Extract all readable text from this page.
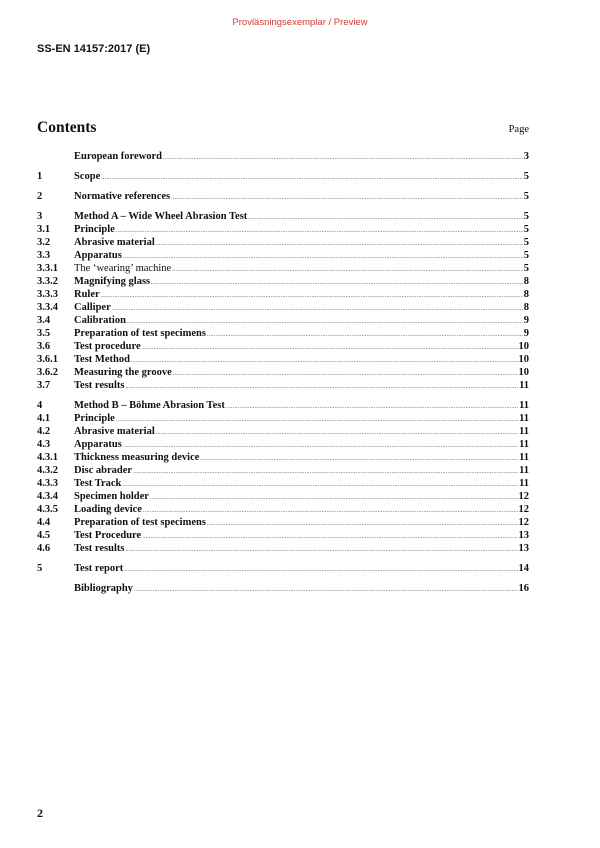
Provläsningsexemplar / Preview
SS-EN 14157:2017 (E)
Contents	Page
European foreword .....	3
1	Scope .....	5
2	Normative references .....	5
3	Method A – Wide Wheel Abrasion Test .....	5
3.1	Principle .....	5
3.2	Abrasive material .....	5
3.3	Apparatus .....	5
3.3.1	The ‘wearing’ machine .....	5
3.3.2	Magnifying glass .....	8
3.3.3	Ruler .....	8
3.3.4	Calliper .....	8
3.4	Calibration .....	9
3.5	Preparation of test specimens .....	9
3.6	Test procedure .....	10
3.6.1	Test Method .....	10
3.6.2	Measuring the groove .....	10
3.7	Test results .....	11
4	Method B – Böhme Abrasion Test .....	11
4.1	Principle .....	11
4.2	Abrasive material .....	11
4.3	Apparatus .....	11
4.3.1	Thickness measuring device .....	11
4.3.2	Disc abrader .....	11
4.3.3	Test Track .....	11
4.3.4	Specimen holder .....	12
4.3.5	Loading device .....	12
4.4	Preparation of test specimens .....	12
4.5	Test Procedure .....	13
4.6	Test results .....	13
5	Test report .....	14
Bibliography .....	16
2
